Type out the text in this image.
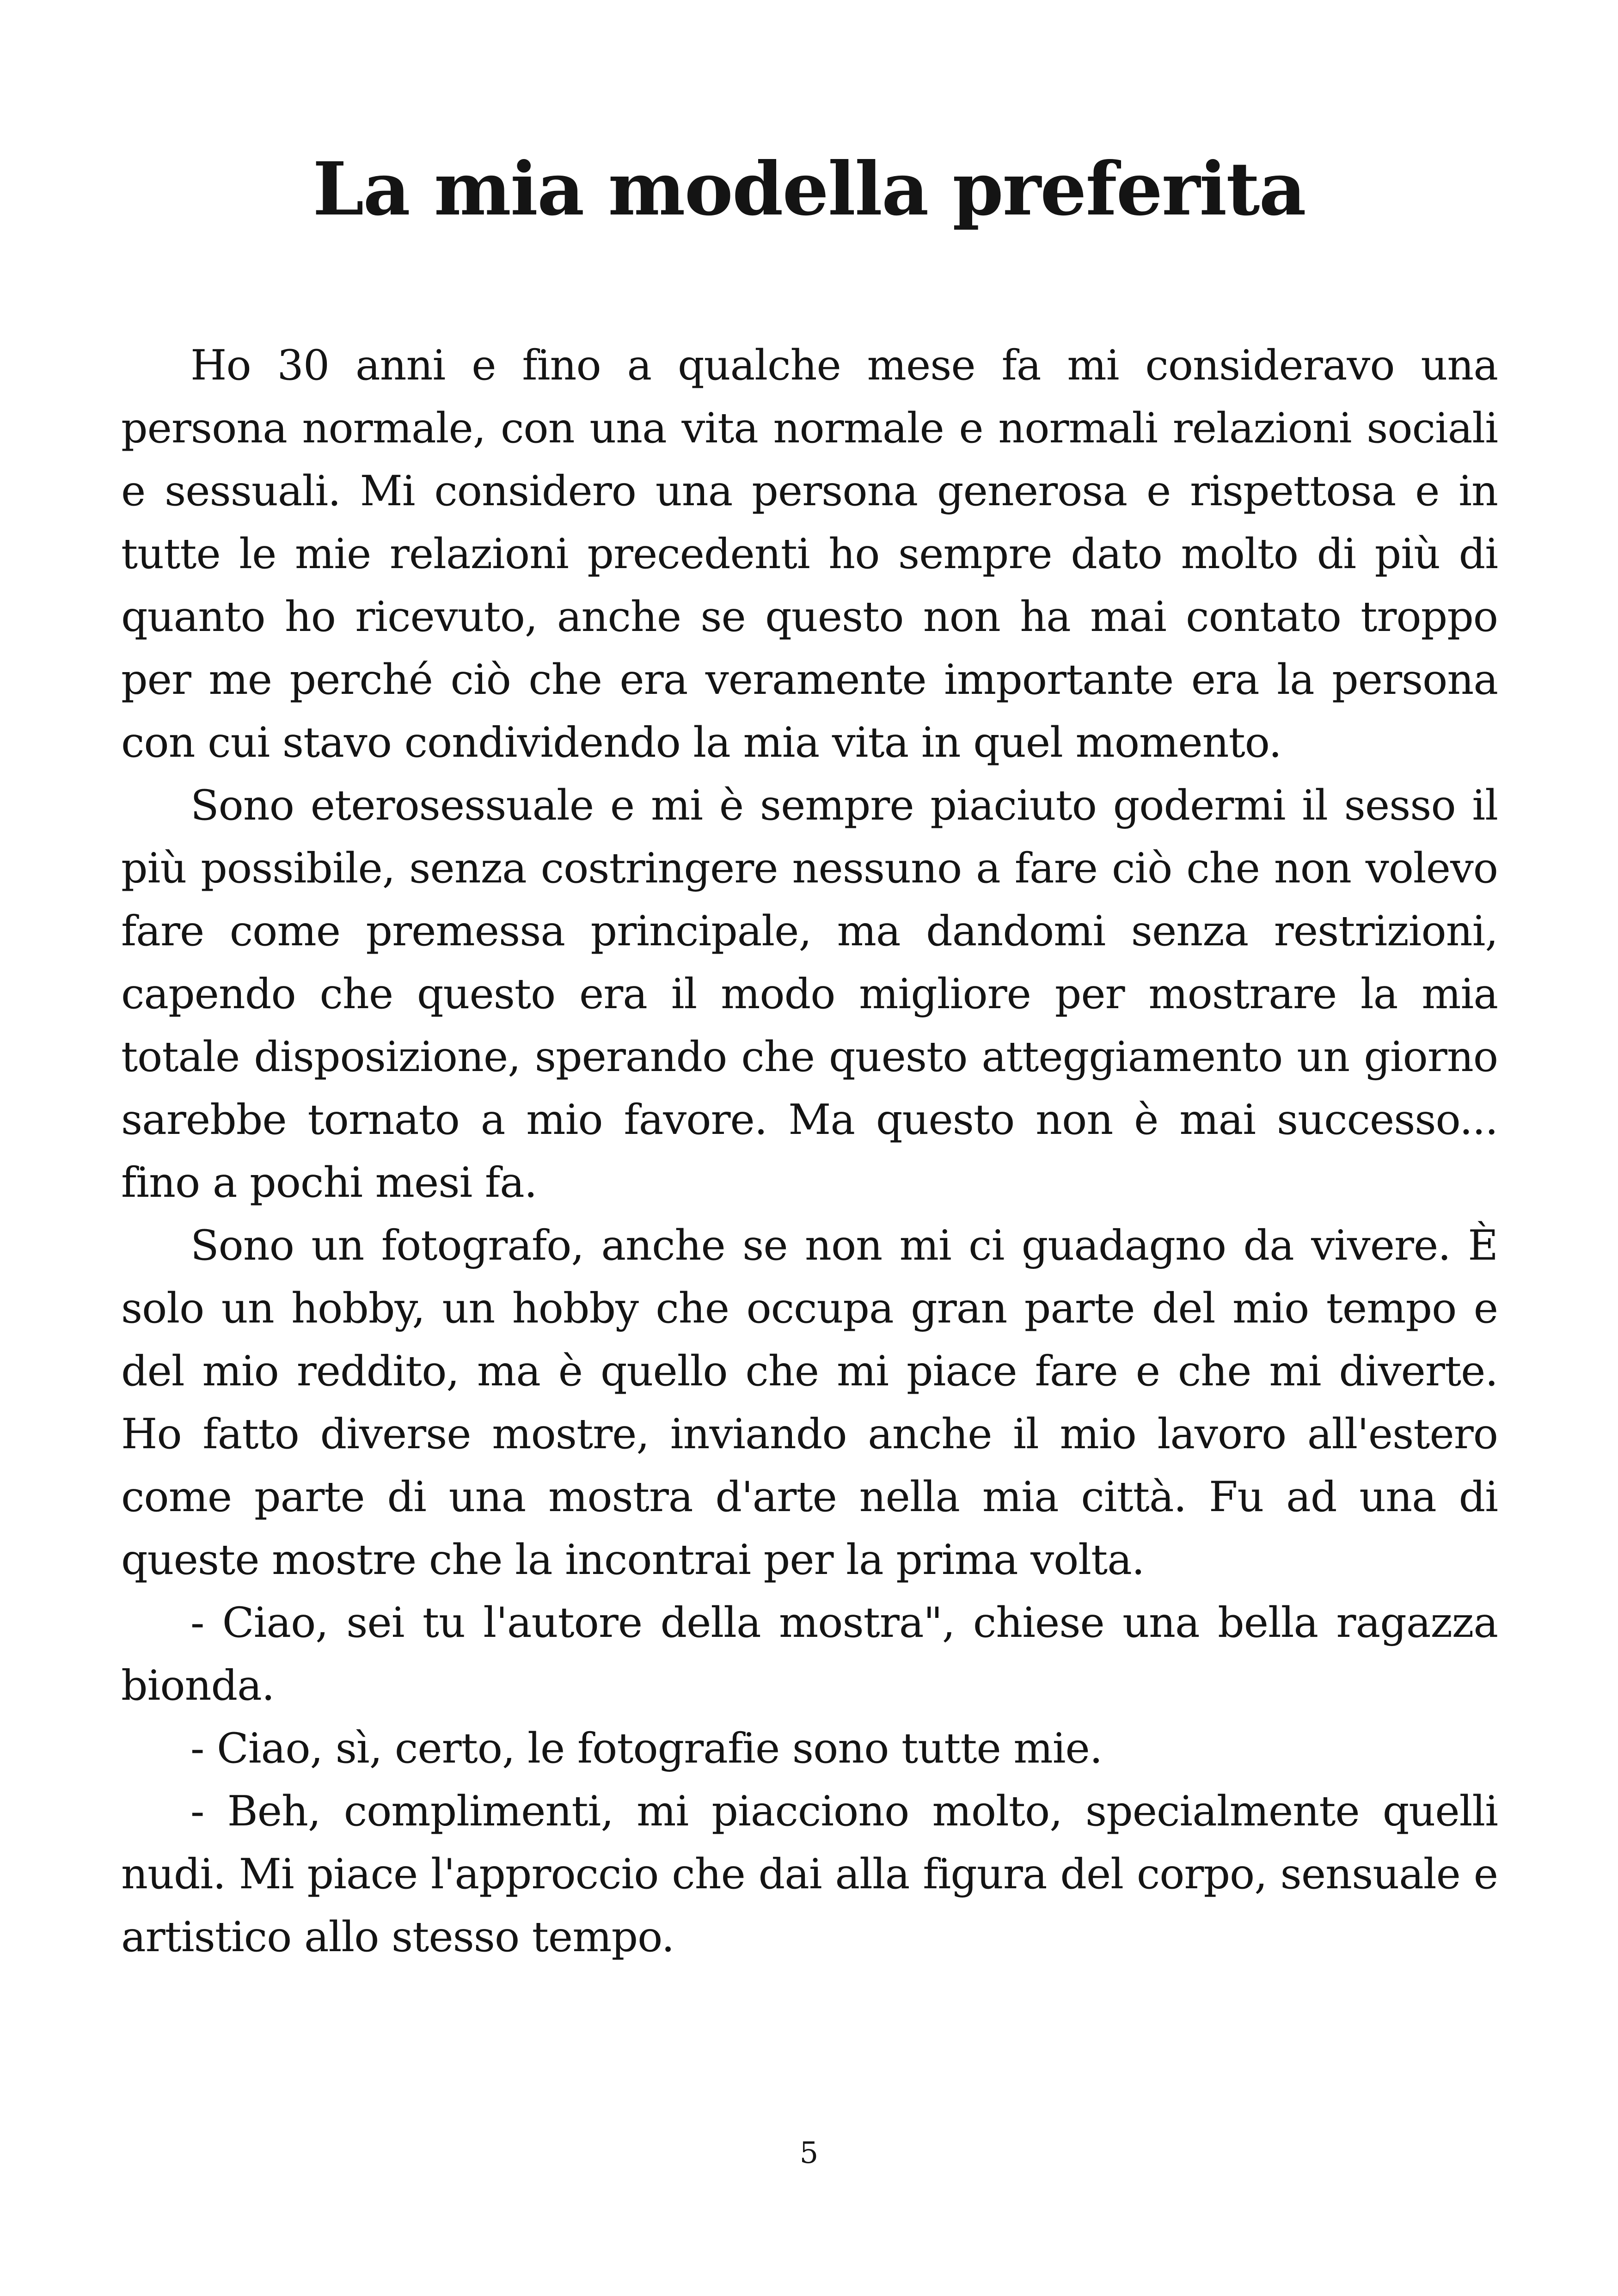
La mia modella preferita

Ho 30 anni e fino a qualche mese fa mi consideravo una persona normale, con una vita normale e normali relazioni sociali e sessuali. Mi considero una persona generosa e rispettosa e in tutte le mie relazioni precedenti ho sempre dato molto di più di quanto ho ricevuto, anche se questo non ha mai contato troppo per me perché ciò che era veramente importante era la persona con cui stavo condividendo la mia vita in quel momento.

Sono eterosessuale e mi è sempre piaciuto godermi il sesso il più possibile, senza costringere nessuno a fare ciò che non volevo fare come premessa principale, ma dandomi senza restrizioni, capendo che questo era il modo migliore per mostrare la mia totale disposizione, sperando che questo atteggiamento un giorno sarebbe tornato a mio favore. Ma questo non è mai successo... fino a pochi mesi fa.

Sono un fotografo, anche se non mi ci guadagno da vivere. È solo un hobby, un hobby che occupa gran parte del mio tempo e del mio reddito, ma è quello che mi piace fare e che mi diverte. Ho fatto diverse mostre, inviando anche il mio lavoro all'estero come parte di una mostra d'arte nella mia città. Fu ad una di queste mostre che la incontrai per la prima volta.

- Ciao, sei tu l'autore della mostra", chiese una bella ragazza bionda.

- Ciao, sì, certo, le fotografie sono tutte mie.

- Beh, complimenti, mi piacciono molto, specialmente quelli nudi. Mi piace l'approccio che dai alla figura del corpo, sensuale e artistico allo stesso tempo.

5
